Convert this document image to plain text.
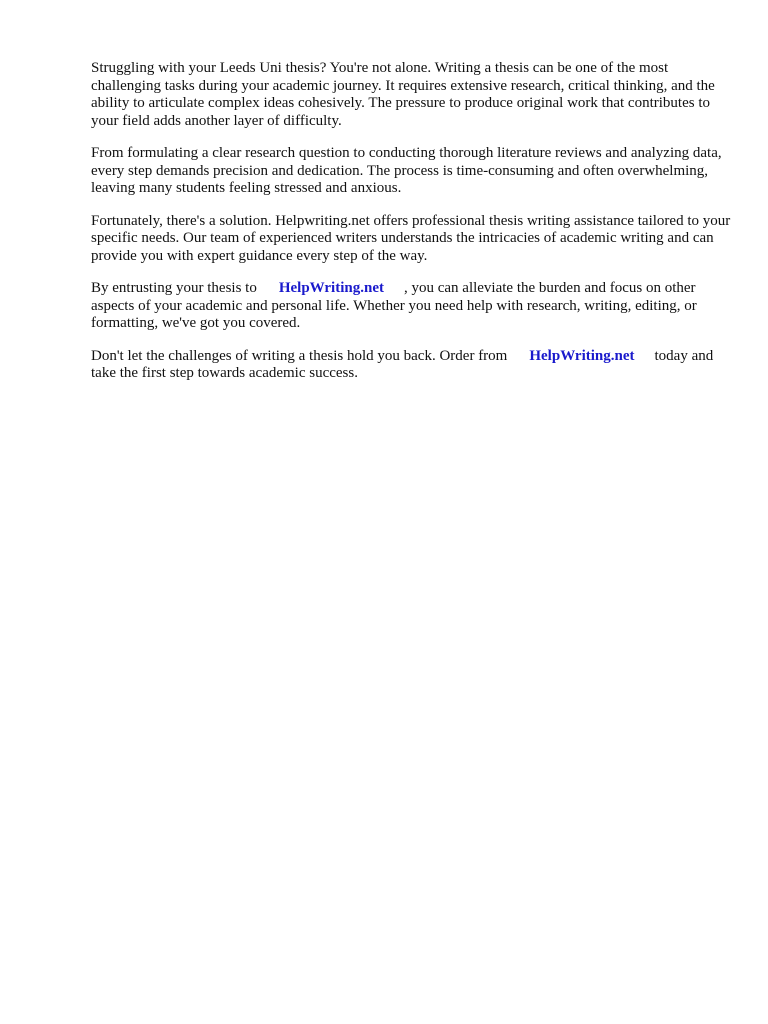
Struggling with your Leeds Uni thesis? You're not alone. Writing a thesis can be one of the most challenging tasks during your academic journey. It requires extensive research, critical thinking, and the ability to articulate complex ideas cohesively. The pressure to produce original work that contributes to your field adds another layer of difficulty.

From formulating a clear research question to conducting thorough literature reviews and analyzing data, every step demands precision and dedication. The process is time-consuming and often overwhelming, leaving many students feeling stressed and anxious.

Fortunately, there's a solution. Helpwriting.net offers professional thesis writing assistance tailored to your specific needs. Our team of experienced writers understands the intricacies of academic writing and can provide you with expert guidance every step of the way.

By entrusting your thesis to HelpWriting.net , you can alleviate the burden and focus on other aspects of your academic and personal life. Whether you need help with research, writing, editing, or formatting, we've got you covered.

Don't let the challenges of writing a thesis hold you back. Order from HelpWriting.net today and take the first step towards academic success.
